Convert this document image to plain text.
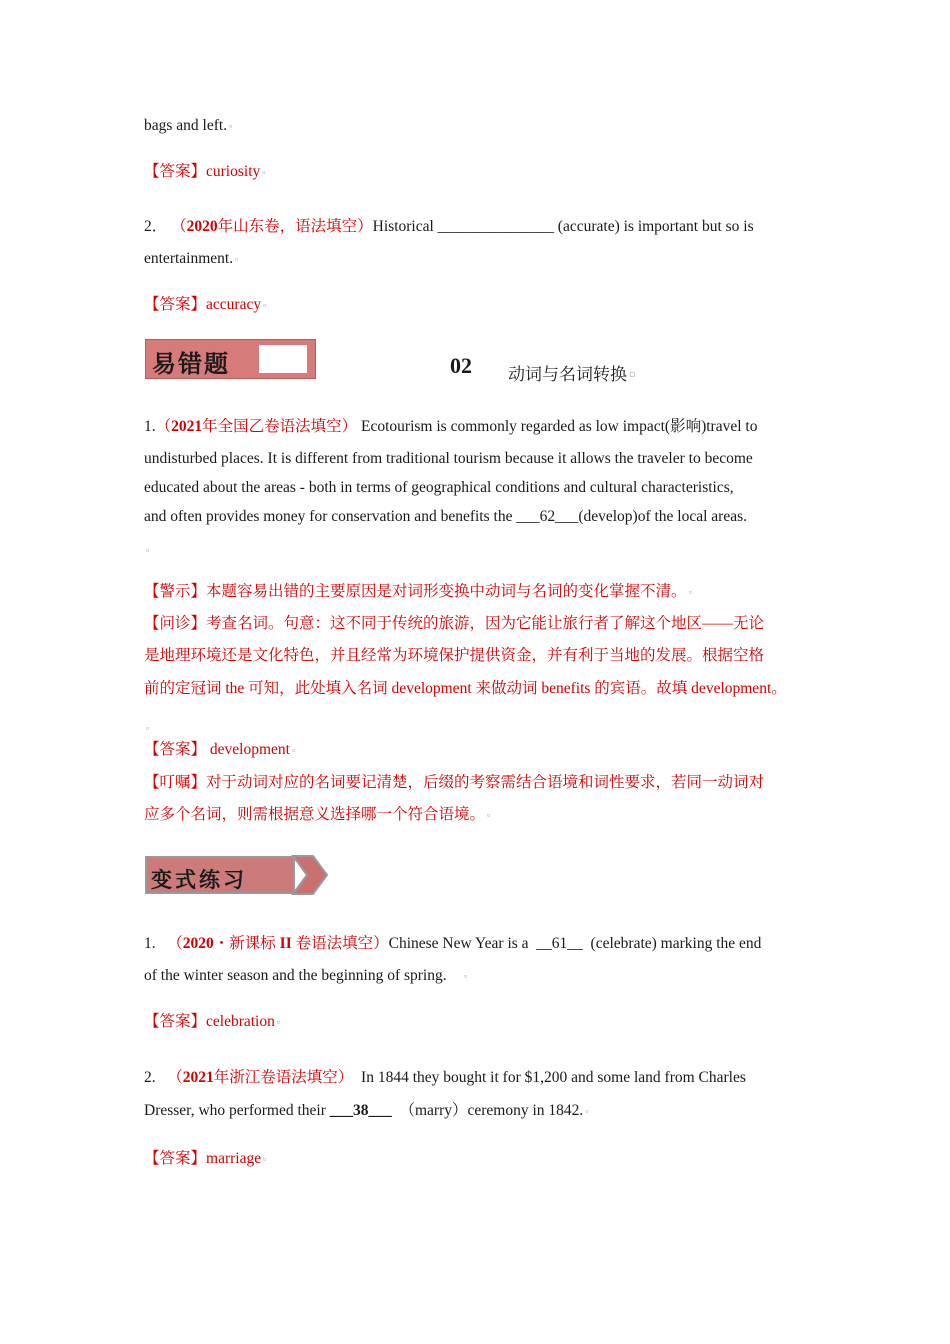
bags and left. ▫
【答案】curiosity ▫
2． （2020年山东卷，语法填空）Historical _______________ (accurate) is important but so is
entertainment. ▫
【答案】accuracy ▫
易错题	02 动词与名词转换 ▫
1.（2021年全国乙卷语法填空） Ecotourism is commonly regarded as low impact(影响)travel to
undisturbed places. It is different from traditional tourism because it allows the traveler to become
educated about the areas - both in terms of geographical conditions and cultural characteristics,
and often provides money for conservation and benefits the ___62___(develop)of the local areas.
▫
【警示】本题容易出错的主要原因是对词形变换中动词与名词的变化掌握不清。 ▫
【问诊】考查名词。句意：这不同于传统的旅游，因为它能让旅行者了解这个地区——无论
是地理环境还是文化特色，并且经常为环境保护提供资金，并有利于当地的发展。根据空格
前的定冠词 the 可知，此处填入名词 development 来做动词 benefits 的宾语。故填 development。
▫
【答案】 development ▫
【叮嘱】对于动词对应的名词要记清楚，后缀的考察需结合语境和词性要求，若同一动词对
应多个名词，则需根据意义选择哪一个符合语境。 ▫
变式练习
1. （2020・新课标 II 卷语法填空）Chinese New Year is a __61__ (celebrate) marking the end
of the winter season and the beginning of spring. ▫
【答案】celebration ▫
2. （2021年浙江卷语法填空） In 1844 they bought it for $1,200 and some land from Charles
Dresser, who performed their ___38___ （marry）ceremony in 1842. ▫
【答案】marriage ▫
